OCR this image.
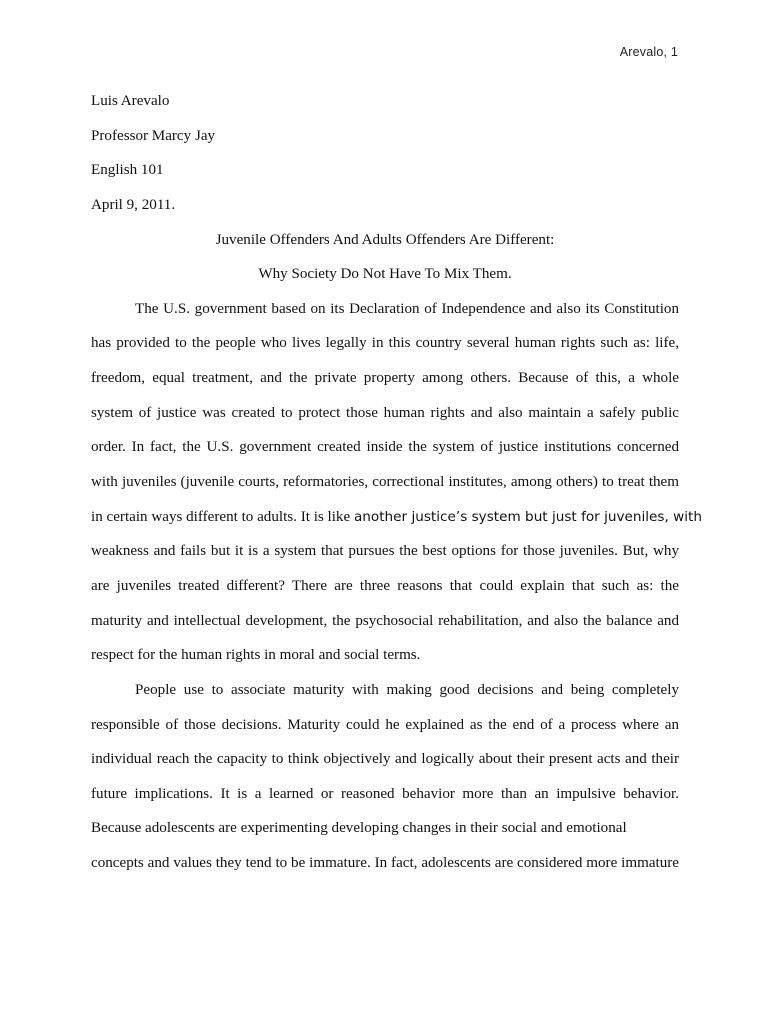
Arevalo, 1
Luis Arevalo
Professor Marcy Jay
English 101
April 9, 2011.
Juvenile Offenders And Adults Offenders Are Different:
Why Society Do Not Have To Mix Them.
The U.S. government based on its Declaration of Independence and also its Constitution
has provided to the people who lives legally in this country several human rights such as: life,
freedom, equal treatment, and the private property among others. Because of this, a whole
system of justice was created to protect those human rights and also maintain a safely public
order. In fact, the U.S. government created inside the system of justice institutions concerned
with juveniles (juvenile courts, reformatories, correctional institutes, among others) to treat them
in certain ways different to adults. It is like another justice’s system but just for juveniles, with
weakness and fails but it is a system that pursues the best options for those juveniles. But, why
are juveniles treated different? There are three reasons that could explain that such as: the
maturity and intellectual development, the psychosocial rehabilitation, and also the balance and
respect for the human rights in moral and social terms.
People use to associate maturity with making good decisions and being completely
responsible of those decisions. Maturity could he explained as the end of a process where an
individual reach the capacity to think objectively and logically about their present acts and their
future implications. It is a learned or reasoned behavior more than an impulsive behavior.
Because adolescents are experimenting developing changes in their social and emotional
concepts and values they tend to be immature. In fact, adolescents are considered more immature
